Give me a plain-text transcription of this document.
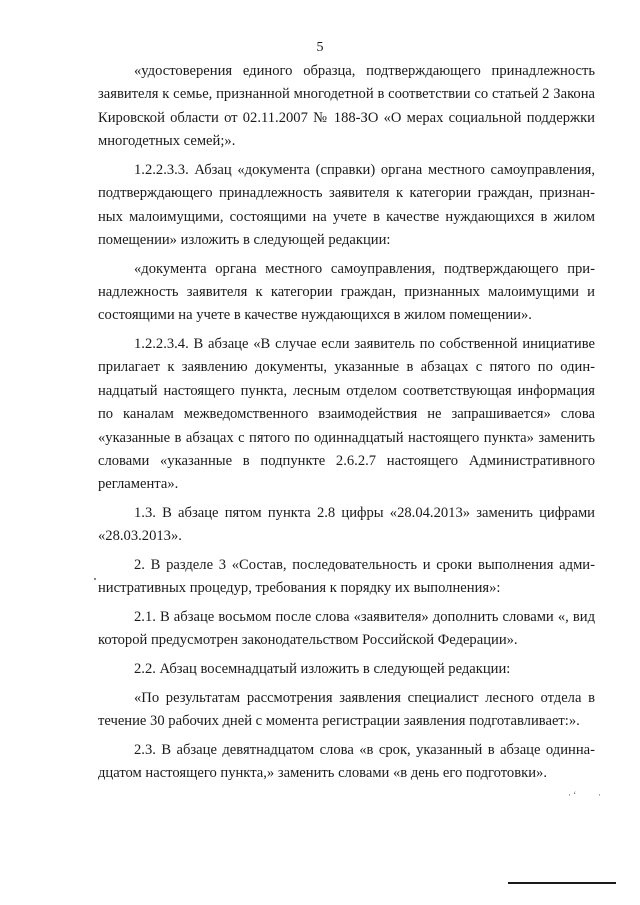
5

«удостоверения единого образца, подтверждающего принадлежность заявителя к семье, признанной многодетной в соответствии со статьей 2 Закона Кировской области от 02.11.2007 № 188-ЗО «О мерах социальной поддержки многодетных семей;».

1.2.2.3.3. Абзац «документа (справки) органа местного самоуправления, подтверждающего принадлежность заявителя к категории граждан, признанных малоимущими, состоящими на учете в качестве нуждающихся в жилом помещении» изложить в следующей редакции:

«документа органа местного самоуправления, подтверждающего принадлежность заявителя к категории граждан, признанных малоимущими и состоящими на учете в качестве нуждающихся в жилом помещении».

1.2.2.3.4. В абзаце «В случае если заявитель по собственной инициативе прилагает к заявлению документы, указанные в абзацах с пятого по одиннадцатый настоящего пункта, лесным отделом соответствующая информация по каналам межведомственного взаимодействия не запрашивается» слова «указанные в абзацах с пятого по одиннадцатый настоящего пункта» заменить словами «указанные в подпункте 2.6.2.7 настоящего Административного регламента».

1.3. В абзаце пятом пункта 2.8 цифры «28.04.2013» заменить цифрами «28.03.2013».

2. В разделе 3 «Состав, последовательность и сроки выполнения административных процедур, требования к порядку их выполнения»:

2.1. В абзаце восьмом после слова «заявителя» дополнить словами «, вид которой предусмотрен законодательством Российской Федерации».

2.2. Абзац восемнадцатый изложить в следующей редакции:

«По результатам рассмотрения заявления специалист лесного отдела в течение 30 рабочих дней с момента регистрации заявления подготавливает:».

2.3. В абзаце девятнадцатом слова «в срок, указанный в абзаце одиннадцатом настоящего пункта,» заменить словами «в день его подготовки».

· ‘ ·
